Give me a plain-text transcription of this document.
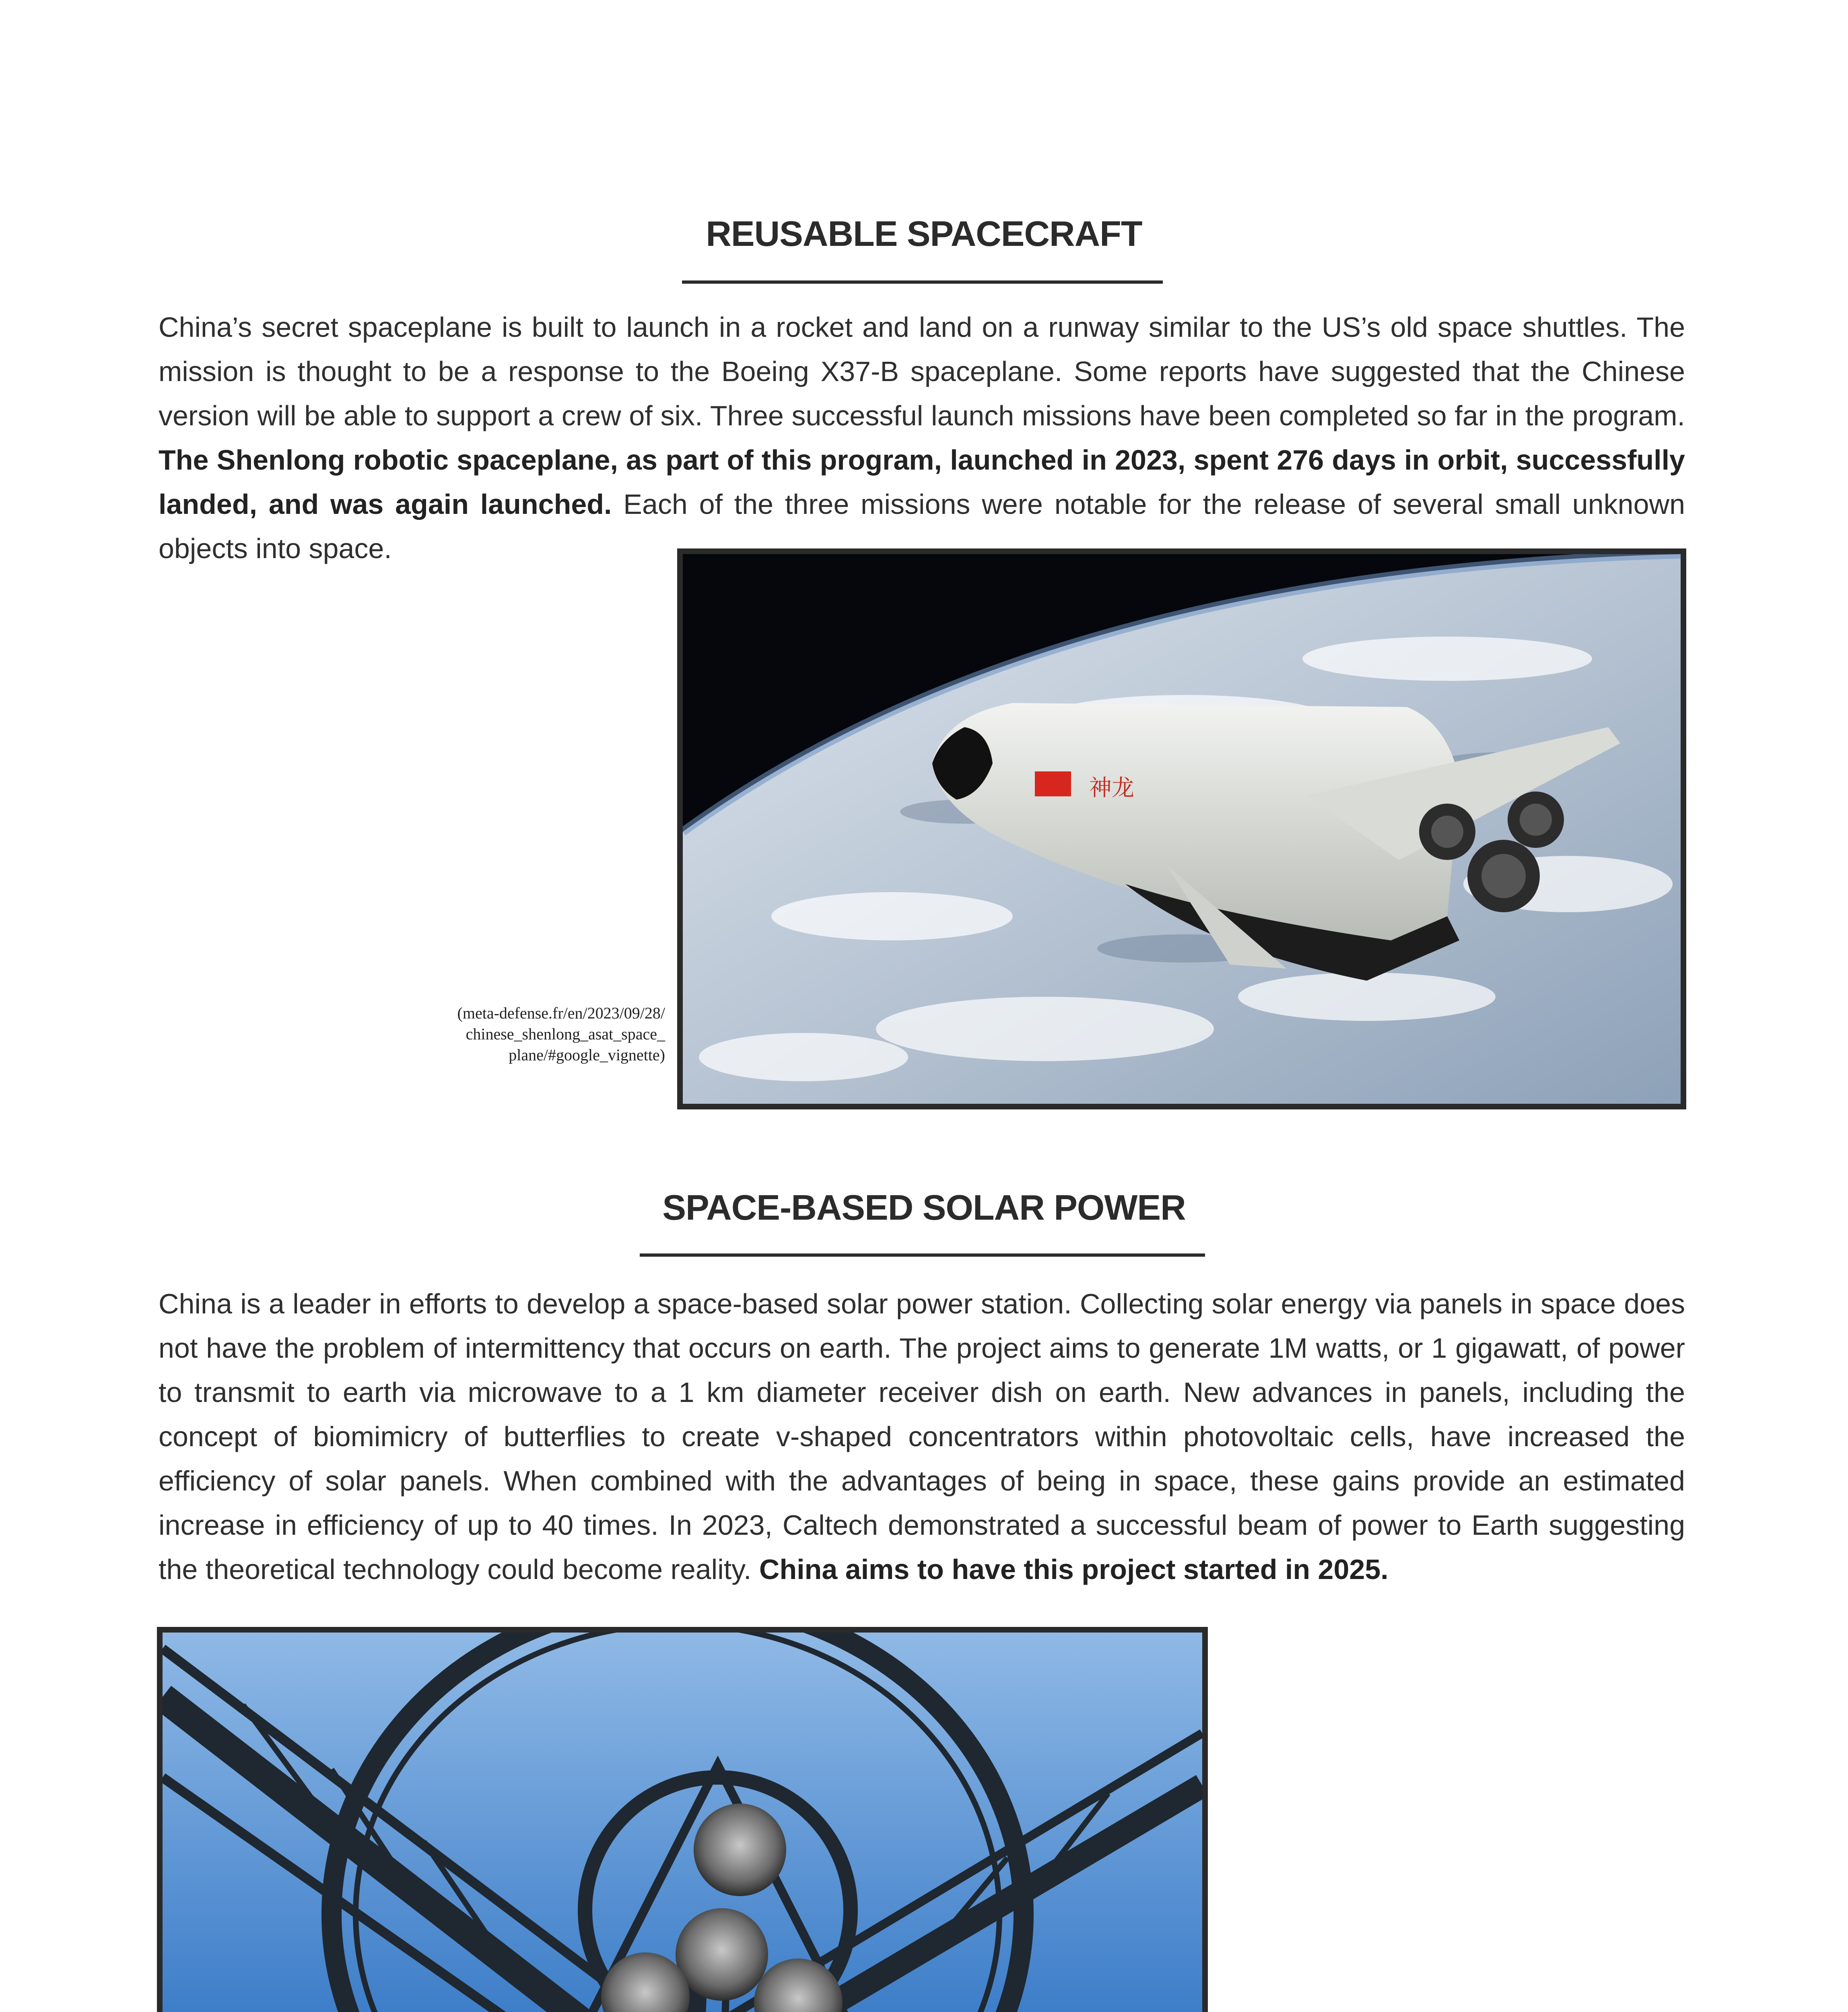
REUSABLE SPACECRAFT

China’s secret spaceplane is built to launch in a rocket and land on a runway similar to the US’s old space shuttles. The mission is thought to be a response to the Boeing X37-B spaceplane. Some reports have suggested that the Chinese version will be able to support a crew of six. Three successful launch missions have been completed so far in the program. The Shenlong robotic spaceplane, as part of this program, launched in 2023, spent 276 days in orbit, successfully landed, and was again launched. Each of the three missions were notable for the release of several small unknown objects into space.

神龙
(meta-defense.fr/en/2023/09/28/
chinese_shenlong_asat_space_
plane/#google_vignette)
SPACE-BASED SOLAR POWER

China is a leader in efforts to develop a space-based solar power station. Collecting solar energy via panels in space does not have the problem of intermittency that occurs on earth. The project aims to generate 1M watts, or 1 gigawatt, of power to transmit to earth via microwave to a 1 km diameter receiver dish on earth. New advances in panels, including the concept of biomimicry of butterflies to create v-shaped concentrators within photovoltaic cells, have increased the efficiency of solar panels. When combined with the advantages of being in space, these gains provide an estimated increase in efficiency of up to 40 times. In 2023, Caltech demonstrated a successful beam of power to Earth suggesting the theoretical technology could become reality. China aims to have this project started in 2025.
